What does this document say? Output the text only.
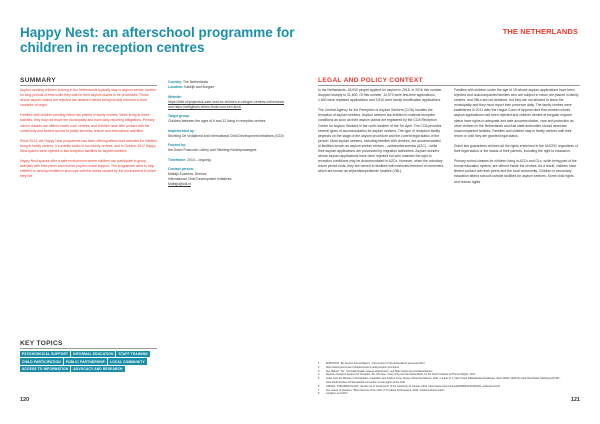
Happy Nest: an afterschool programme for children in reception centres
THE NETHERLANDS
SUMMARY

Asylum-seeking children arriving in the Netherlands typically stay in asylum seeker centres for long periods of time while they wait for their asylum claims to be processed. Those whose asylum claims are rejected are detained before being forcibly returned to their countries of origin.

Families with children pending return are placed in family centres. While living at these facilities, they may not leave the municipality and have daily reporting obligations. Primary school classes are offered inside such centres, and children have little contact with the community and limited access to public services, leisure and educational activities.

Since 2014, the Happy Nest programme has been offering afterschool activities for children living in family centres. It currently works in two family centres, and in October 2017 Happy Nest spaces were opened in two reception facilities for asylum seekers.

Happy Nest spaces offer a safe environment where children can participate in group activities with their peers and receive psycho-social support. The programme aims to help children to develop resilience and cope with the stress caused by the environment in which they live.

Country: The Netherlands
Location: Katwijk and Burgum
Website:
https://kifid.nl/projects/a-safe-nest-for-children-in-refugee-centres-netherlands
and https://veiligthuis.nl/een-thuis-voor-een-kind/
Target group:
Children between the ages of 6 and 12 living in reception centres
Implemented by:
Stichting De Vrolijkheid and International Child Development Initiatives (ICDI)
Funded by:
the Dutch Postcode Lottery and Stichting Kinderpostzegels
Timeframe: 2014 – ongoing
Contact person:
Mathijs Euwema, Director,
International Child Development Initiatives,
Mathijs@icdi.nl
LEGAL AND POLICY CONTEXT

In the Netherlands, 18,000 people applied for asylum in 2015. In 2016 this number dropped sharply to 31,600. Of this number, 10,570 were first-time applications, 1,640 were repeated applications and 3,810 were family reunification applications.

The Central Agency for the Reception of Asylum Seekers (COA) handles the reception of asylum seekers. Asylum seekers are entitled to material reception conditions as soon as their asylum claims are registered by the COA Reception Centre for Asylum Seekers in the north-western of the Ter Apel. The COA provides several types of accommodation for asylum seekers. The type of reception facility depends on the stage of the asylum procedure and the current legal status of the person. Most asylum seekers, including families with children, are accommodated in facilities known as asylum seeker centres – azielzoekerscentra (AZC) – while their asylum applications are processed by migration authorities. Asylum seekers whose asylum applications have been rejected but who maintain the right to reception conditions may be accommodated in AZCs. However, when the voluntary return period ends, they are moved to facilities with restricted freedom of movement which are known as vrijheidsbeperkende locaties (VBL).

Families with children under the age of 18 whose asylum applications have been rejected and unaccompanied families who are subject to return are placed in family centres, and VBLs are not detained, but they are not allowed to leave the municipality and they must report their presence daily. The family centres were established in 2011 after the Hague Court of Appeal ruled that children whose asylum applications had been rejected and children denied at irregular migrant status have rights to adequate and safe accommodation, care and protection as other children in the Netherlands and that state authorities should decrease unaccompanied families. Families and children stay in family centres until their return or until they are granted legal status.

Dutch law guarantees children all the rights enshrined in the UNCRC regardless of their legal status or the status of their parents, including the right to education.

Primary school classes for children living in AZCs and GLs, while being part of the formal education system, are offered inside the centres. As a result, children have limited contact with their peers and the local community. Children in secondary education attend schools outside facilities for asylum seekers. Some child rights and human rights

KEY TOPICS
PSYCHOSOCIAL SUPPORT	INFORMAL EDUCATION	STAFF TRAINING
CHILD PARTICIPATION	PUBLIC PARTNERSHIP	LOCAL COMMUNITY
ACCESS TO INFORMATION	ADVOCACY AND RESEARCH
1	EUROSTAT, 'EU Asylum Annual Report', 'Government of the Netherlands' accessed 2017.
2	https://www.government.nl/topics/asylum-policy/asylum-procedure
3	See 'Beleid', 'NL', 'Centraal Orgaan opvang asielzoekers', see https://www.coa.nl/nl/asielzoekers
4	Reports of asylum seekers for reception, the 'UN case', Case of Ay and the Netherlands, for the Dutch Institute for Human Rights, 2017.
5	Letter from the Minister of Immigration, Integration and Asylum to the House of Representatives, 2011, number of 1, https://zoek.officielebekendmakingen.nl/kst-19637-1428.html and 'Rechtbank Stichting UNCRC', www.kinderrechten.nl/international-convention-on-the-rights-of-the-child
6	UNICEF, 'CHILDREN IN AZC', Studies up to 'Kinderrecht' of the workshop 14 January 2016, https://www.unicef.nl/media/9386481/20160126_achtergrond.pdf
7	See review of practices, 'Best interests of the child', DT Institute for Research, 2016, 'Kinderrechtenmonitor'.
8	Lavrijsen et al 2017.
120	121
